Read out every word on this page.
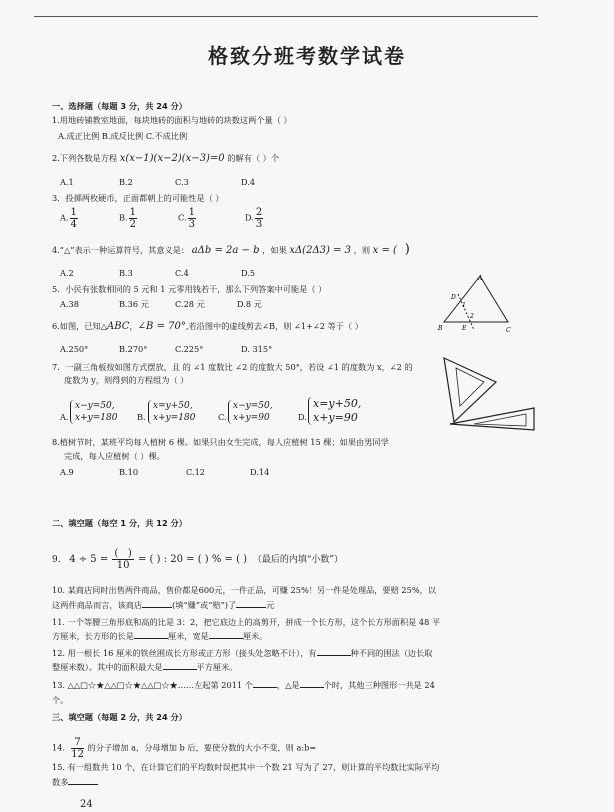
格致分班考数学试卷
一、选择题（每题 3 分，共 24 分）
1.用地砖铺教室地面，每块地砖的面积与地砖的块数这两个量（ ）
A.成正比例 B.成反比例 C.不成比例
2.下列各数是方程 x(x−1)(x−2)(x−3)=0 的解有（ ）个
A.1	B.2	C.3	D.4
3．投掷两枚硬币，正面都朝上的可能性是（ ）
A. $\frac{1}{4}$	B. $\frac{1}{2}$	C. $\frac{1}{3}$	D. $\frac{2}{3}$
4.“△”表示一种运算符号，其意义是： aΔb = 2a − b ，如果 xΔ(2Δ3) = 3 ，则 x = ( )
A.2	B.3	C.4	D.5
5．小民有张数相同的 5 元和 1 元零用钱若干，那么下列答案中可能是（ ）
A.38	B.36 元	C.28 元	D.8 元
6.如图，已知△ABC，∠B = 70°,若沿图中的虚线剪去∠B，则 ∠1+∠2 等于（ ）
A.250°	B.270°	C.225°	D. 315°
A
B	C
D
E
1
2
7．一副三角板按如图方式摆放，且 的 ∠1 度数比 ∠2 的度数大 50°，若设 ∠1 的度数为 x，∠2 的
度数为 y，则得到的方程组为（ ）
A.
x−y=50,
x+y=180 B.
x=y+50,
x+y=180	C.
x−y=50,
x+y=90	D.
x=y+50,
x+y=90
8.植树节时，某班平均每人植树 6 棵。如果只由女生完成，每人应植树 15 棵；如果由男同学
完成，每人应植树（ ）棵。
A.9	B.10	C.12	D.14
二、填空题（每空 1 分，共 12 分）
9. $4 \div 5 = \frac{( )}{10}$ = ( ) : 20 = ( ) % = ( ) （最后的内填“小数”）
10. 某商店同时出售两件商品，售价都是600元，一件正品，可赚 25%！另一件是处理品，要赔 25%，以
这两件商品而言，该商店	(填“赚”或“赔”)了	元
11. 一个等腰三角形底和高的比是 3：2，把它底边上的高剪开，拼成一个长方形，这个长方形面积是 48 平
方厘米，长方形的长是	厘米，宽是	厘米。
12. 用一根长 16 厘米的铁丝围成长方形或正方形（接头处忽略不计），有	种不同的围法（边长取
整厘米数）。其中的面积最大是	平方厘米。
13. △△□☆★△△□☆★△△□☆★……左起第 2011 个	，△是	个时，其他三种图形一共是 24
个。
三、填空题（每题 2 分，共 24 分）
14. $\frac{7}{12}$ 的分子增加 a，分母增加 b 后，要使分数的大小不变，则 a:b=
15. 有一组数共 10 个，在计算它们的平均数时误把其中一个数 21 写为了 27，则计算的平均数比实际平均
数多
24
